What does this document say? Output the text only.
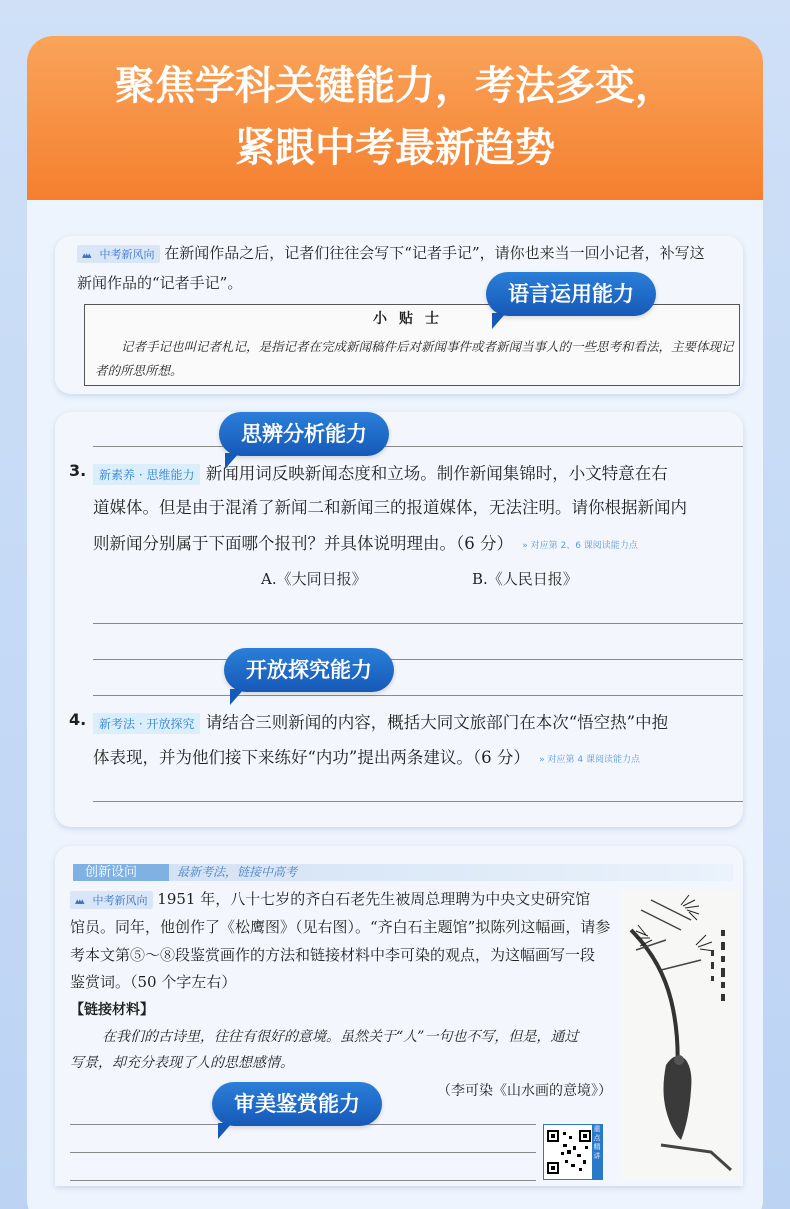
聚焦学科关键能力，考法多变，
紧跟中考最新趋势
▴▴▴ 中考新风向 在新闻作品之后，记者们往往会写下“记者手记”，请你也来当一回小记者，补写这
新闻作品的“记者手记”。
小贴士
记者手记也叫记者札记，是指记者在完成新闻稿件后对新闻事件或者新闻当事人的一些思考和看法，主要体现记者的所思所想。
语言运用能力
3.	新素养 · 思维能力 新闻用词反映新闻态度和立场。制作新闻集锦时，小文特意在右
道媒体。但是由于混淆了新闻二和新闻三的报道媒体，无法注明。请你根据新闻内
则新闻分别属于下面哪个报刊？并具体说明理由。（6 分） » 对应第 2、6 课阅读能力点
A.《大同日报》	B.《人民日报》
4.	新考法 · 开放探究 请结合三则新闻的内容，概括大同文旅部门在本次“悟空热”中抱
体表现，并为他们接下来练好“内功”提出两条建议。（6 分） » 对应第 4 课阅读能力点
思辨分析能力
开放探究能力
创新设问	最新考法，链接中高考
▴▴▴ 中考新风向 1951 年，八十七岁的齐白石老先生被周总理聘为中央文史研究馆
馆员。同年，他创作了《松鹰图》（见右图）。“齐白石主题馆”拟陈列这幅画，请参
考本文第⑤～⑧段鉴赏画作的方法和链接材料中李可染的观点，为这幅画写一段
鉴赏词。（50 个字左右）
【链接材料】
在我们的古诗里，往往有很好的意境。虽然关于“人”一句也不写，但是，通过
写景，却充分表现了人的思想感情。
（李可染《山水画的意境》）
重点精讲
审美鉴赏能力
